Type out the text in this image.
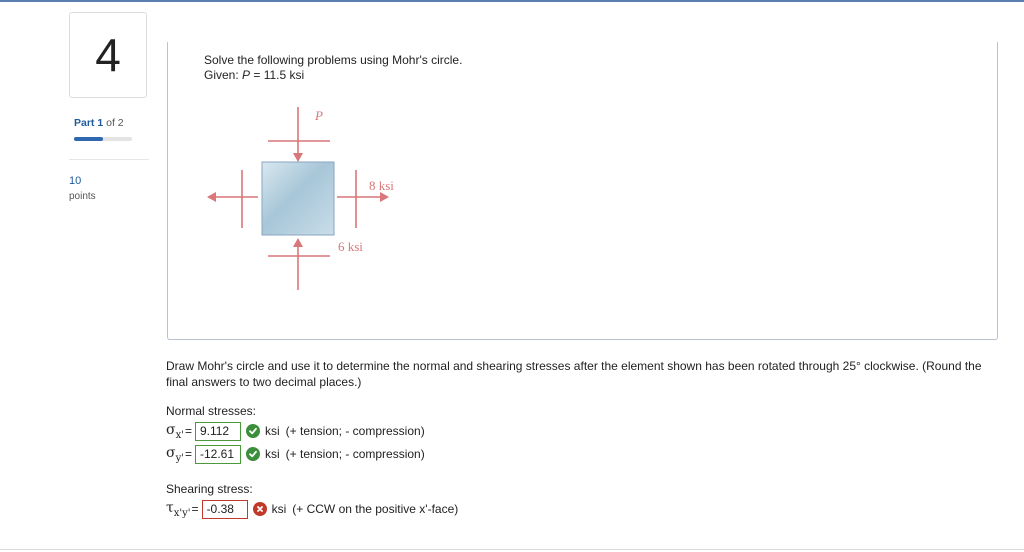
4
Part 1 of 2
10
points
Solve the following problems using Mohr's circle.
Given: P = 11.5 ksi
P
8 ksi
6 ksi
Draw Mohr's circle and use it to determine the normal and shearing stresses after the element shown has been rotated through 25° clockwise. (Round the final answers to two decimal places.)
Normal stresses:
$\sigma_{x'} = 9.112$	ksi (+ tension; - compression)
$\sigma_{y'} = -12.61$	ksi (+ tension; - compression)
Shearing stress:
$\tau_{x'y'} = -0.38$	ksi (+ CCW on the positive x'-face)
